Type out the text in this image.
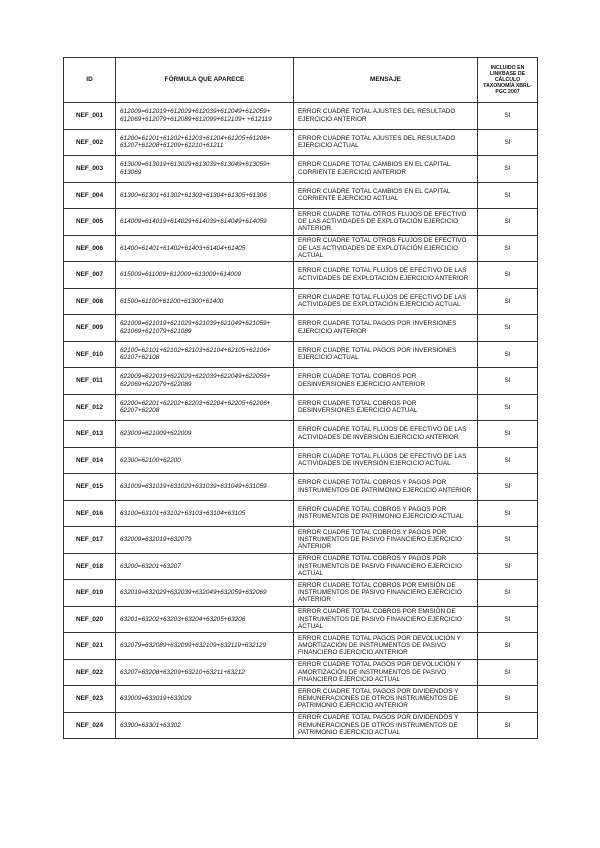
ID	FÓRMULA QUE APARECE	MENSAJE	INCLUIDO EN LINKBASE DE CÁLCULO TAXONOMÍA XBRL-PGC 2007
NEF_001	612009=612019+612029+612039+612049+612059+ 612069+612079+612089+612099+612109+ +612119	ERROR CUADRE TOTAL AJUSTES DEL RESULTADO EJERCICIO ANTERIOR	SI
NEF_002	61200=61201+61202+61203+61204+61205+61206+ 61207+61208+61209+61210+61211	ERROR CUADRE TOTAL AJUSTES DEL RESULTADO EJERCICIO ACTUAL	SI
NEF_003	613009=613019+613029+613039+613049+613059+ 613069	ERROR CUADRE TOTAL CAMBIOS EN EL CAPITAL CORRIENTE EJERCICIO ANTERIOR	SI
NEF_004	61300=61301+61302+61303+61304+61305+61306	ERROR CUADRE TOTAL CAMBIOS EN EL CAPITAL CORRIENTE EJERCICIO ACTUAL	SI
NEF_005	614009=614019+614029+614039+614049+614059	ERROR CUADRE TOTAL OTROS FLUJOS DE EFECTIVO DE LAS ACTIVIDADES DE EXPLOTACIÓN EJERCICIO ANTERIOR	SI
NEF_006	61400=61401+61402+61403+61404+61405	ERROR CUADRE TOTAL OTROS FLUJOS DE EFECTIVO DE LAS ACTIVIDADES DE EXPLOTACIÓN EJERCICIO ACTUAL	SI
NEF_007	615009=611009+612009+613009+614009	ERROR CUADRE TOTAL FLUJOS DE EFECTIVO DE LAS ACTIVIDADES DE EXPLOTACIÓN EJERCICIO ANTERIOR	SI
NEF_008	61500=61100+61200+61300+61400	ERROR CUADRE TOTAL FLUJOS DE EFECTIVO DE LAS ACTIVIDADES DE EXPLOTACIÓN EJERCICIO ACTUAL	SI
NEF_009	621009=621019+621029+621039+621049+621059+ 621069+621079+621089	ERROR CUADRE TOTAL PAGOS POR INVERSIONES EJERCICIO ANTERIOR	SI
NEF_010	62100=62101+62102+62103+62104+62105+62106+ 62107+62108	ERROR CUADRE TOTAL PAGOS POR INVERSIONES EJERCICIO ACTUAL	SI
NEF_011	622009=622019+622029+622039+622049+622059+ 622069+622079+622089	ERROR CUADRE TOTAL COBROS POR DESINVERSIONES EJERCICIO ANTERIOR	SI
NEF_012	62200=62201+62202+62203+62204+62205+62206+ 62207+62208	ERROR CUADRE TOTAL COBROS POR DESINVERSIONES EJERCICIO ACTUAL	SI
NEF_013	623009=621009+622009	ERROR CUADRE TOTAL FLUJOS DE EFECTIVO DE LAS ACTIVIDADES DE INVERSIÓN EJERCICIO ANTERIOR	SI
NEF_014	62300=62100+62200	ERROR CUADRE TOTAL FLUJOS DE EFECTIVO DE LAS ACTIVIDADES DE INVERSIÓN EJERCICIO ACTUAL	SI
NEF_015	631009=631019+631029+631039+631049+631059	ERROR CUADRE TOTAL COBROS Y PAGOS POR INSTRUMENTOS DE PATRIMONIO EJERCICIO ANTERIOR	SI
NEF_016	63100=63101+63102+63103+63104+63105	ERROR CUADRE TOTAL COBROS Y PAGOS POR INSTRUMENTOS DE PATRIMONIO EJERCICIO ACTUAL	SI
NEF_017	632009=632019+632079	ERROR CUADRE TOTAL COBROS Y PAGOS POR INSTRUMENTOS DE PASIVO FINANCIERO EJERCICIO ANTERIOR	SI
NEF_018	63200=63201+63207	ERROR CUADRE TOTAL COBROS Y PAGOS POR INSTRUMENTOS DE PASIVO FINANCIERO EJERCICIO ACTUAL	SI
NEF_019	632019=632029+632039+632049+632059+632069	ERROR CUADRE TOTAL COBROS POR EMISIÓN DE INSTRUMENTOS DE PASIVO FINANCIERO EJERCICIO ANTERIOR	SI
NEF_020	63201=63202+63203+63204+63205+63206	ERROR CUADRE TOTAL COBROS POR EMISIÓN DE INSTRUMENTOS DE PASIVO FINANCIERO EJERCICIO ACTUAL	SI
NEF_021	632079=632089+632099+632109+632119+632129	ERROR CUADRE TOTAL PAGOS POR DEVOLUCIÓN Y AMORTIZACIÓN DE INSTRUMENTOS DE PASIVO FINANCIERO EJERCICIO ANTERIOR	SI
NEF_022	63207=63208+63209+63210+63211+63212	ERROR CUADRE TOTAL PAGOS POR DEVOLUCIÓN Y AMORTIZACIÓN DE INSTRUMENTOS DE PASIVO FINANCIERO EJERCICIO ACTUAL	SI
NEF_023	633009=633019+633029	ERROR CUADRE TOTAL PAGOS POR DIVIDENDOS Y REMUNERACIONES DE OTROS INSTRUMENTOS DE PATRIMONIO EJERCICIO ANTERIOR	SI
NEF_024	63300=63301+63302	ERROR CUADRE TOTAL PAGOS POR DIVIDENDOS Y REMUNERACIONES DE OTROS INSTRUMENTOS DE PATRIMONIO EJERCICIO ACTUAL	SI
